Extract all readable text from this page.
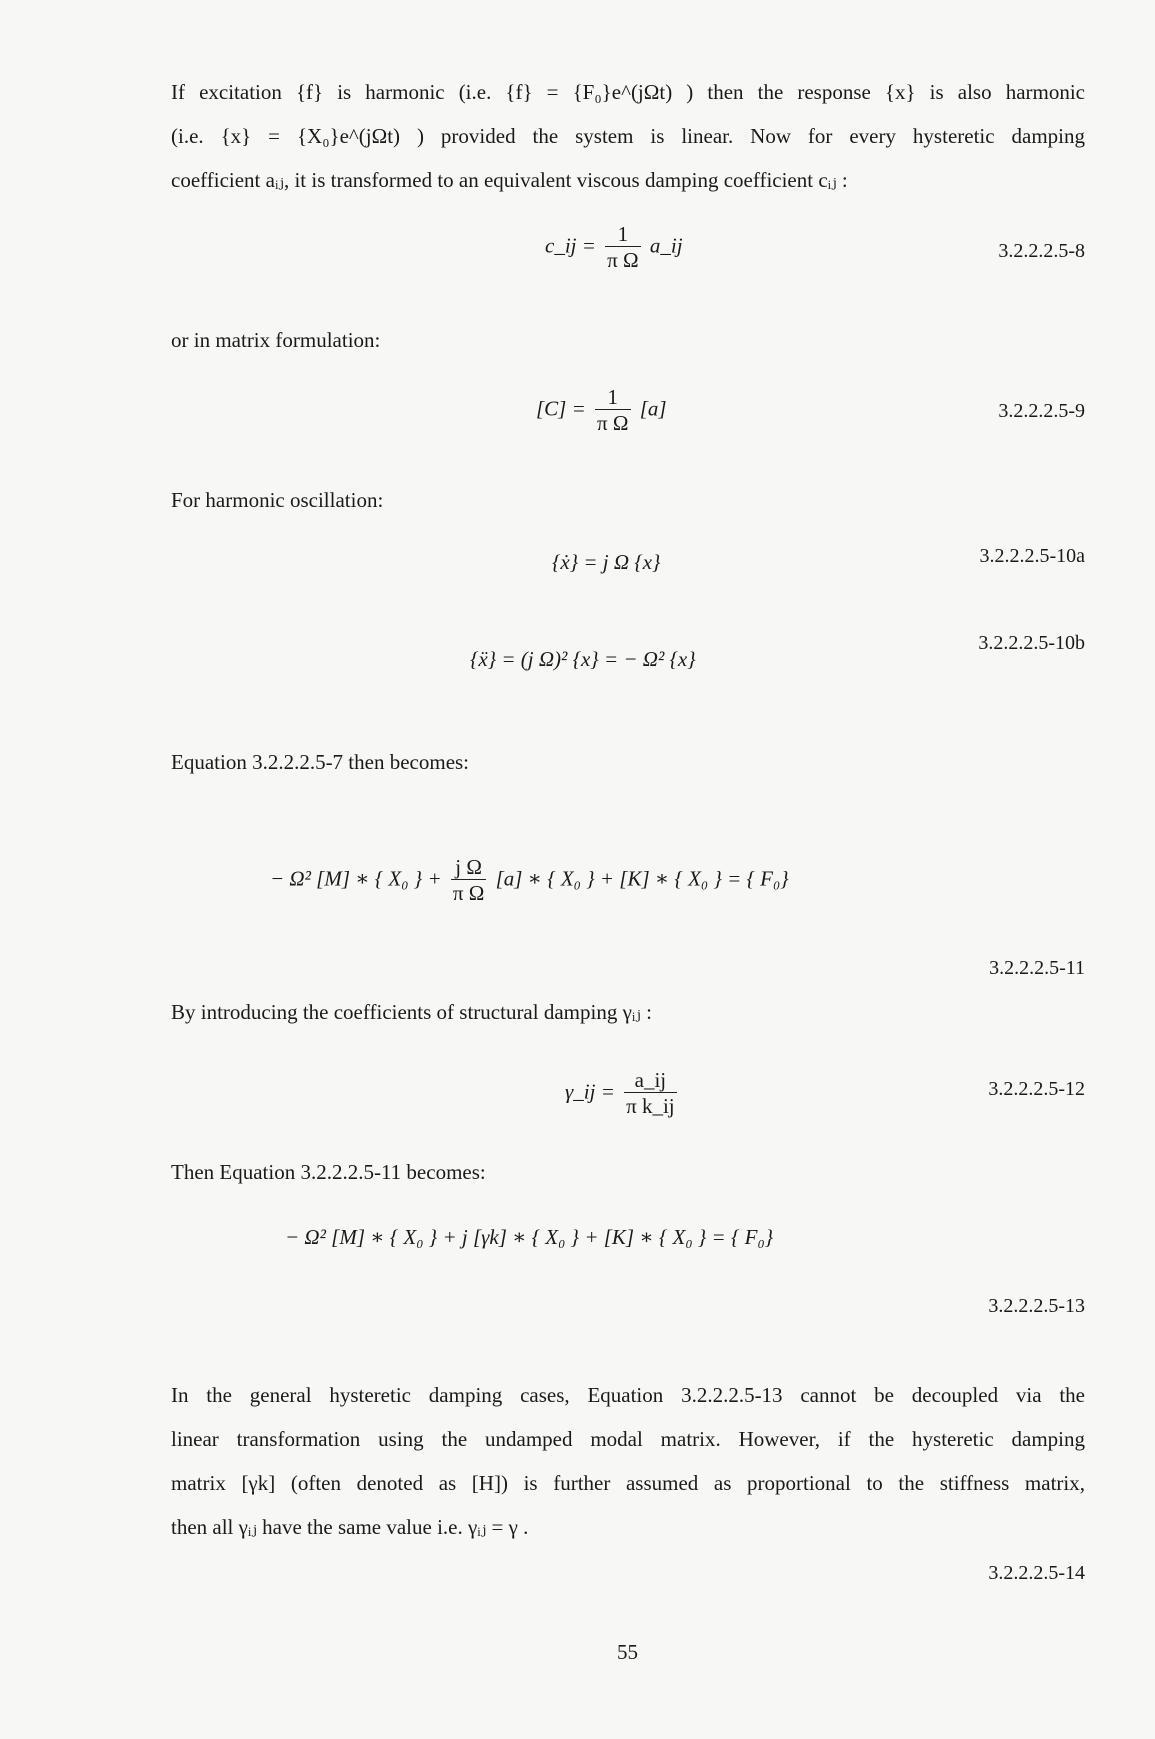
If excitation {f} is harmonic (i.e. {f} = {F₀}e^(jΩt) ) then the response {x} is also harmonic
(i.e. {x} = {X₀}e^(jΩt) ) provided the system is linear. Now for every hysteretic damping
coefficient aᵢⱼ, it is transformed to an equivalent viscous damping coefficient cᵢⱼ :
c_ij = $\frac{1}{\text{π Ω}}$ a_ij	3.2.2.2.5-8
or in matrix formulation:
$[C] = \frac{1}{\text{π Ω}} [a]$	3.2.2.2.5-9
For harmonic oscillation:
{ẋ} = j Ω {x}	3.2.2.2.5-10a
{ẍ} = (j Ω)² {x} = − Ω² {x}
3.2.2.2.5-10b
Equation 3.2.2.2.5-7 then becomes:
− Ω² [M] ∗ { X₀ } + $\frac{\text{j Ω}}{\text{π Ω}} [a]$ ∗ { X₀ } + [K] ∗ { X₀ } = { F₀}
3.2.2.2.5-11
By introducing the coefficients of structural damping γᵢⱼ :
γ_ij = $\frac{a\_ij}{\text{π k\_ij}}$	3.2.2.2.5-12
Then Equation 3.2.2.2.5-11 becomes:
− Ω² [M] ∗ { X₀ } + j [γk] ∗ { X₀ } + [K] ∗ { X₀ } = { F₀}
3.2.2.2.5-13
In the general hysteretic damping cases, Equation 3.2.2.2.5-13 cannot be decoupled via the
linear transformation using the undamped modal matrix. However, if the hysteretic damping
matrix [γk] (often denoted as [H]) is further assumed as proportional to the stiffness matrix,
then all γᵢⱼ have the same value i.e. γᵢⱼ = γ .
3.2.2.2.5-14
55
